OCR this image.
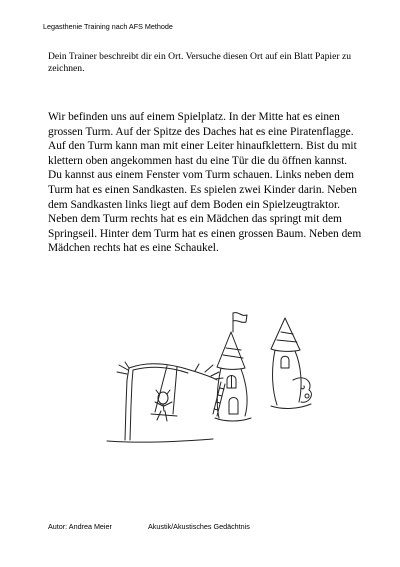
Legasthenie Training nach AFS Methode
Dein Trainer beschreibt dir ein Ort. Versuche diesen Ort auf ein Blatt Papier zu zeichnen.

Wir befinden uns auf einem Spielplatz. In der Mitte hat es einen grossen Turm. Auf der Spitze des Daches hat es eine Piratenflagge. Auf den Turm kann man mit einer Leiter hinaufklettern. Bist du mit klettern oben angekommen hast du eine Tür die du öffnen kannst. Du kannst aus einem Fenster vom Turm schauen. Links neben dem Turm hat es einen Sandkasten. Es spielen zwei Kinder darin. Neben dem Sandkasten links liegt auf dem Boden ein Spielzeugtraktor. Neben dem Turm rechts hat es ein Mädchen das springt mit dem Springseil. Hinter dem Turm hat es einen grossen Baum. Neben dem Mädchen rechts hat es eine Schaukel.

Autor: Andrea Meier	Akustik/Akustisches Gedächtnis
